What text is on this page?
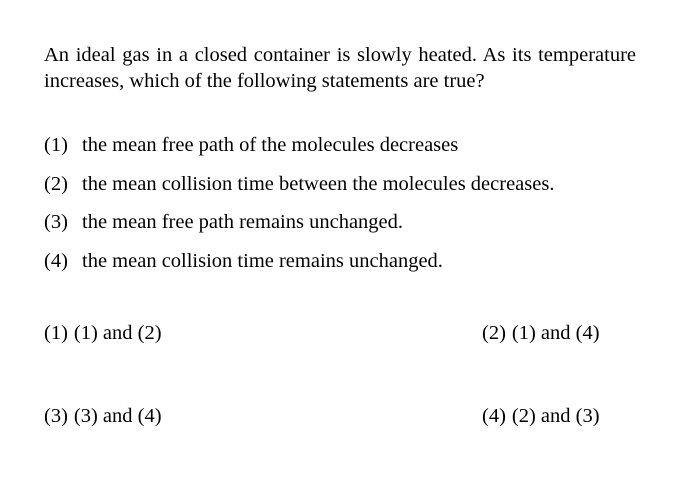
An ideal gas in a closed container is slowly heated. As its temperature increases, which of the following statements are true?
(1) the mean free path of the molecules decreases
(2) the mean collision time between the molecules decreases.
(3) the mean free path remains unchanged.
(4) the mean collision time remains unchanged.
(1) (1) and (2)	(2) (1) and (4)
(3) (3) and (4)	(4) (2) and (3)
